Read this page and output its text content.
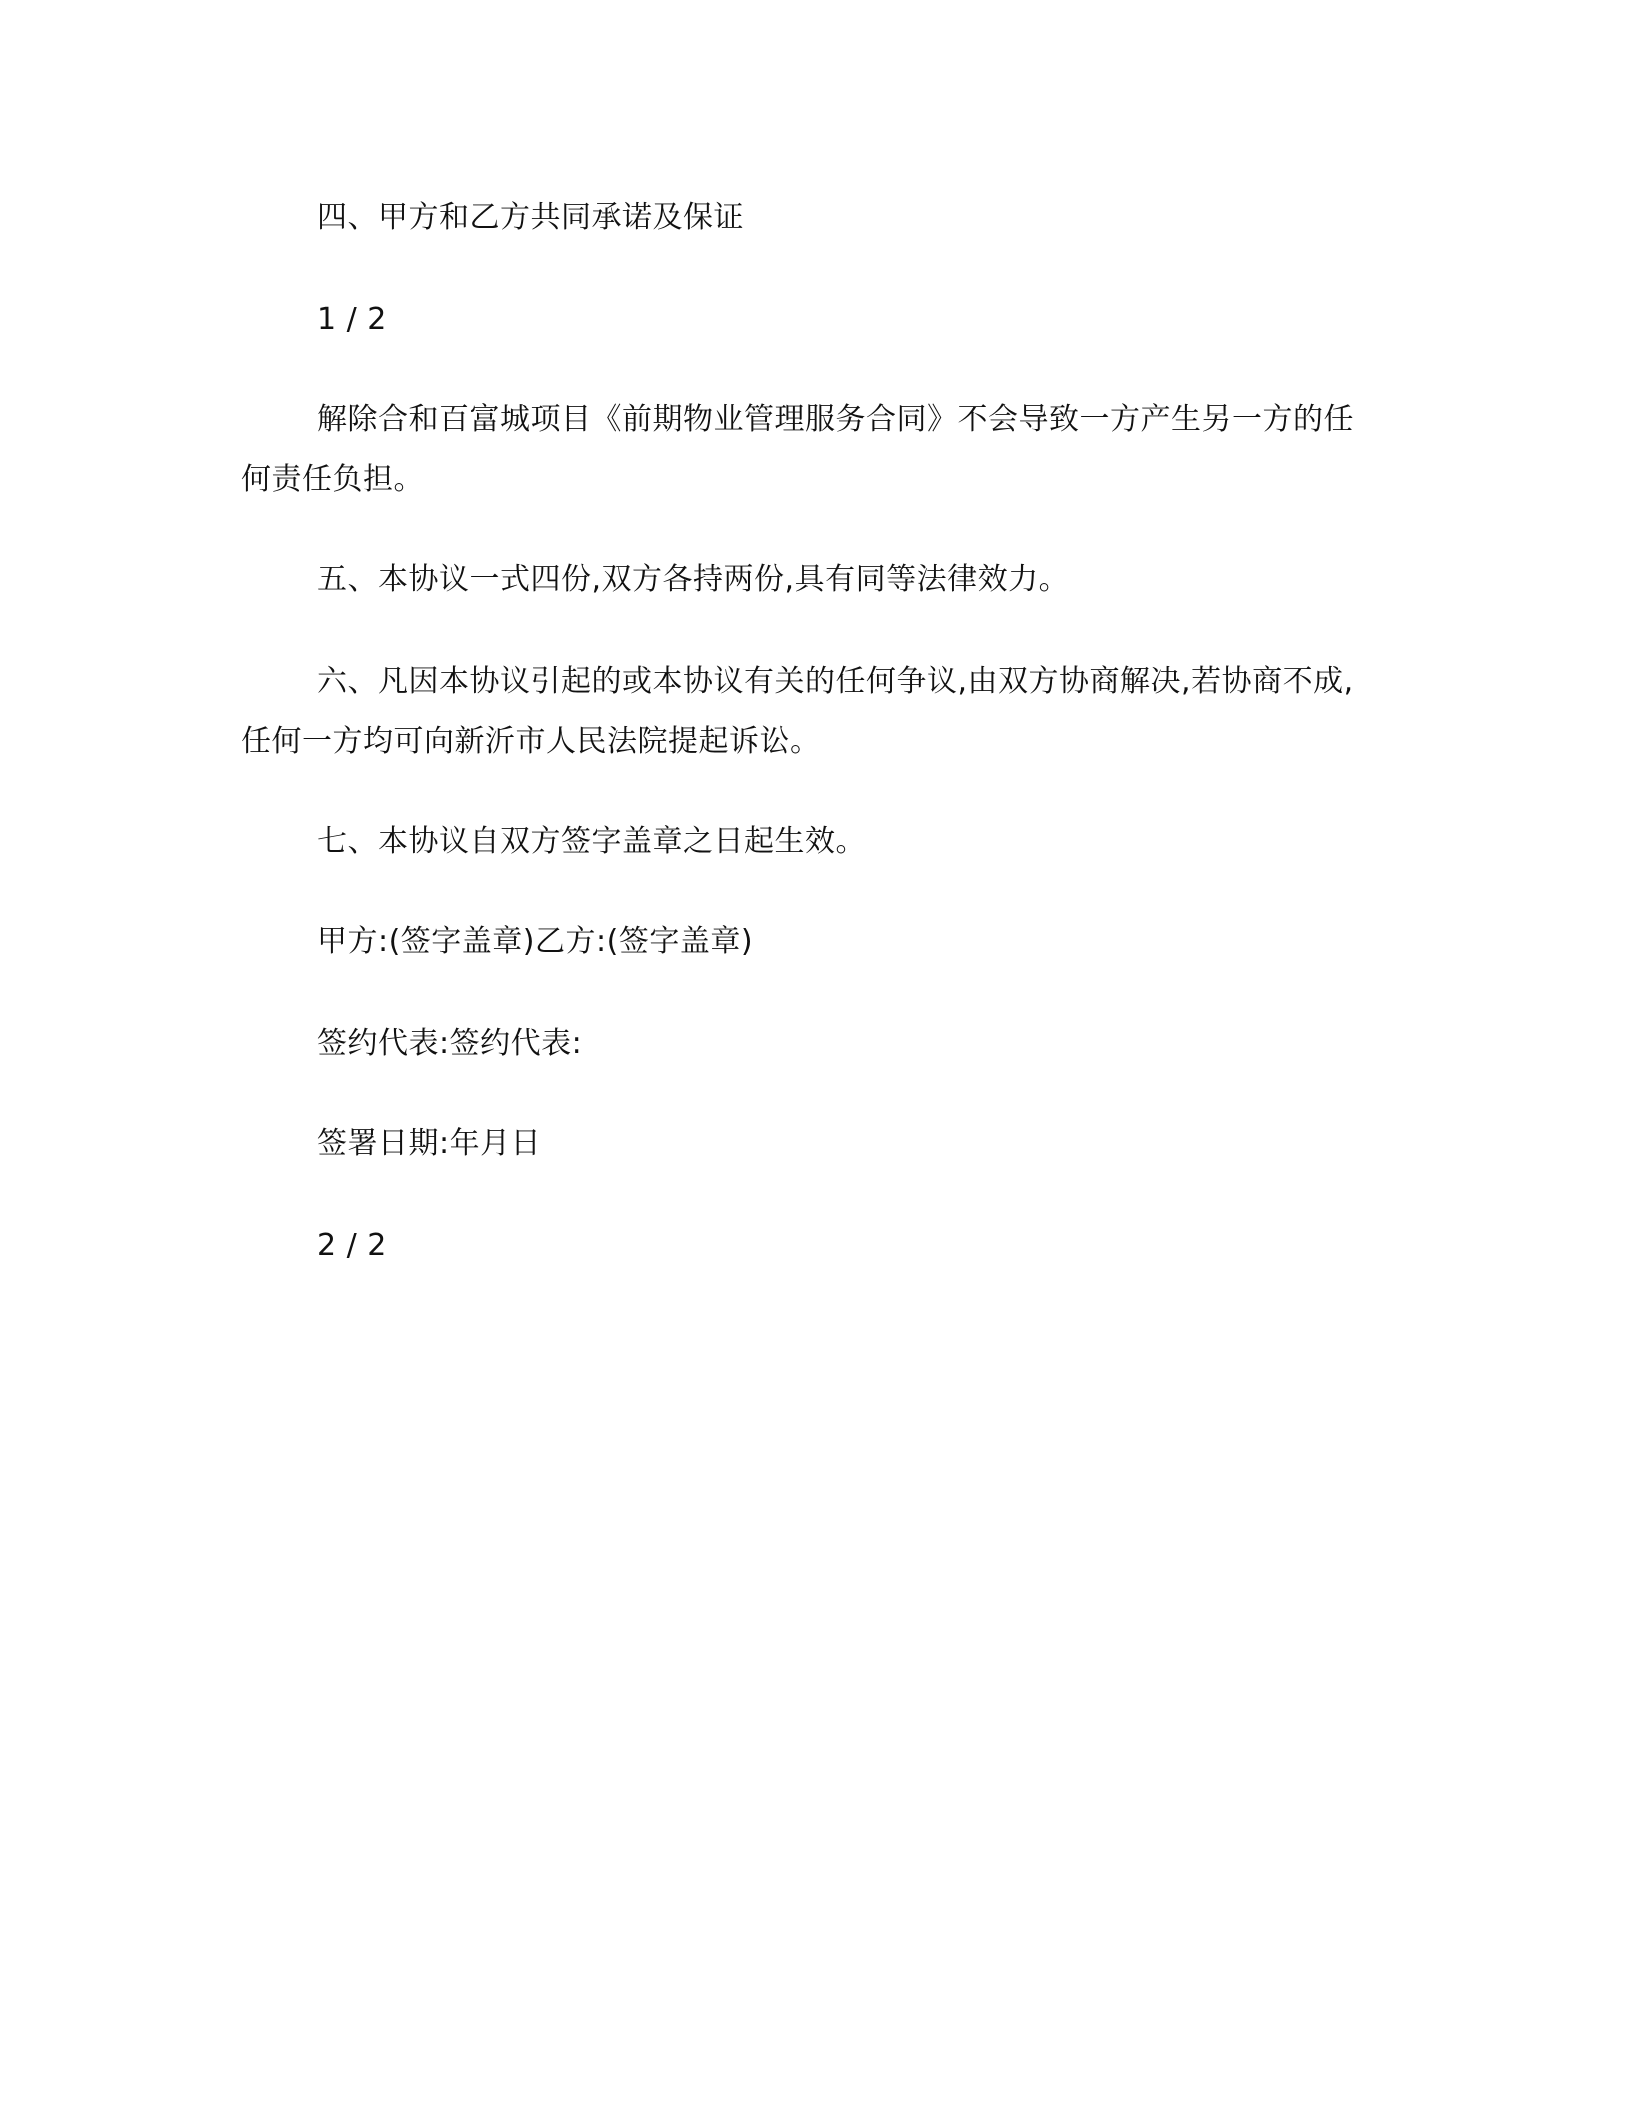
四、甲方和乙方共同承诺及保证
1 / 2
解除合和百富城项目《前期物业管理服务合同》不会导致一方产生另一方的任何责任负担。
五、本协议一式四份,双方各持两份,具有同等法律效力。
六、凡因本协议引起的或本协议有关的任何争议,由双方协商解决,若协商不成,任何一方均可向新沂市人民法院提起诉讼。
七、本协议自双方签字盖章之日起生效。
甲方:(签字盖章)乙方:(签字盖章)
签约代表:签约代表:
签署日期:年月日
2 / 2
